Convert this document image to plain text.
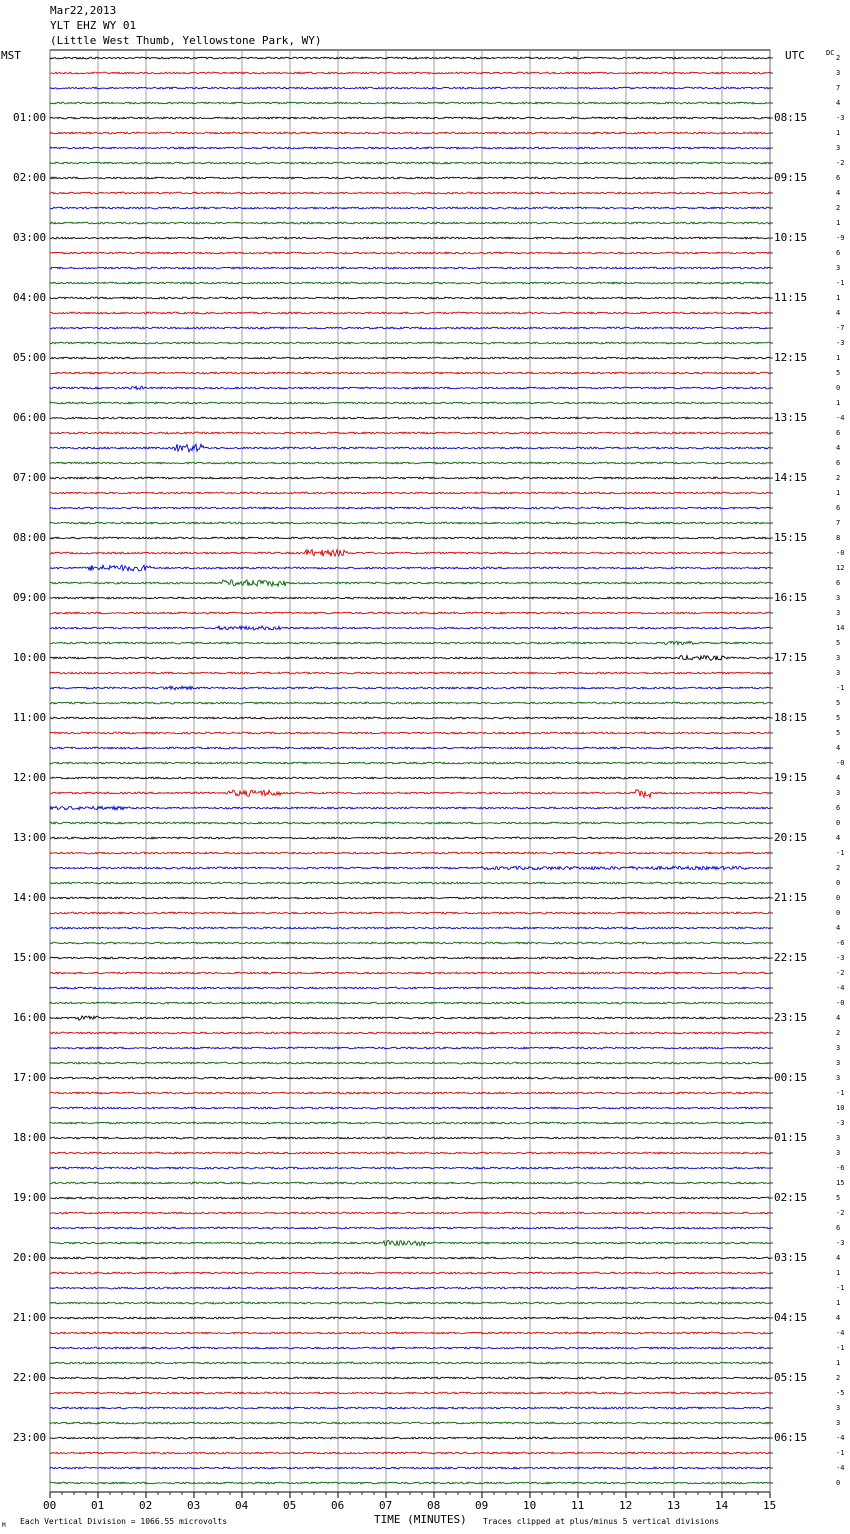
Mar22,2013
YLT EHZ WY 01
(Little West Thumb, Yellowstone Park, WY)
MST	UTC	DC
01:00
02:00
03:00
04:00
05:00
06:00
07:00
08:00
09:00
10:00
11:00
12:00
13:00
14:00
15:00
16:00
17:00
18:00
19:00
20:00
21:00
22:00
23:00
08:15
09:15
10:15
11:15
12:15
13:15
14:15
15:15
16:15
17:15
18:15
19:15
20:15
21:15
22:15
23:15
00:15
01:15
02:15
03:15
04:15
05:15
06:15
2
3
7
4
-3
1
3
-2
6
4
2
1
-9
6
3
-1
1
4
-7
-3
1
5
0
1
-4
6
4
6
2
1
6
7
8
-0
12
6
3
3
14
5
3
3
-1
5
5
5
4
-0
4
3
6
0
4
-1
2
0
0
0
4
-6
-3
-2
-4
-0
4
2
3
3
3
-1
10
-3
3
3
-6
15
5
-2
6
-3
4
1
-1
1
4
-4
-1
1
2
-5
3
3
-4
-1
-4
0
00	01	02	03	04	05	06	07	08	09	10	11	12	13	14	15
TIME (MINUTES)
Each Vertical Division = 1066.55 microvolts	Traces clipped at plus/minus 5 vertical divisions
M
